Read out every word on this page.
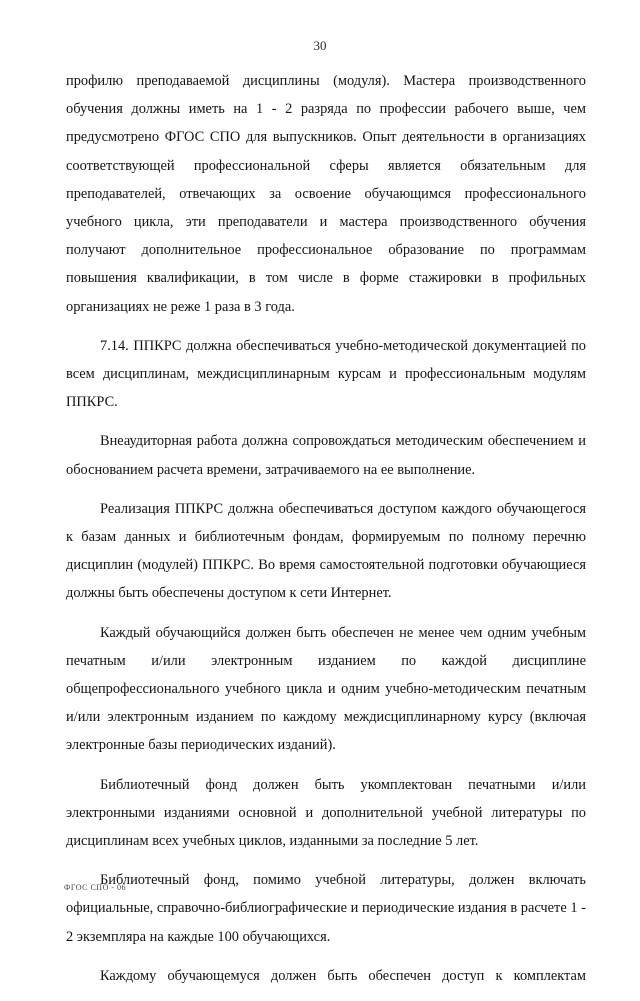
30

профилю преподаваемой дисциплины (модуля). Мастера производственного обучения должны иметь на 1 - 2 разряда по профессии рабочего выше, чем предусмотрено ФГОС СПО для выпускников. Опыт деятельности в организациях соответствующей профессиональной сферы является обязательным для преподавателей, отвечающих за освоение обучающимся профессионального учебного цикла, эти преподаватели и мастера производственного обучения получают дополнительное профессиональное образование по программам повышения квалификации, в том числе в форме стажировки в профильных организациях не реже 1 раза в 3 года.

7.14. ППКРС должна обеспечиваться учебно-методической документацией по всем дисциплинам, междисциплинарным курсам и профессиональным модулям ППКРС.

Внеаудиторная работа должна сопровождаться методическим обеспечением и обоснованием расчета времени, затрачиваемого на ее выполнение.

Реализация ППКРС должна обеспечиваться доступом каждого обучающегося к базам данных и библиотечным фондам, формируемым по полному перечню дисциплин (модулей) ППКРС. Во время самостоятельной подготовки обучающиеся должны быть обеспечены доступом к сети Интернет.

Каждый обучающийся должен быть обеспечен не менее чем одним учебным печатным и/или электронным изданием по каждой дисциплине общепрофессионального учебного цикла и одним учебно-методическим печатным и/или электронным изданием по каждому междисциплинарному курсу (включая электронные базы периодических изданий).

Библиотечный фонд должен быть укомплектован печатными и/или электронными изданиями основной и дополнительной учебной литературы по дисциплинам всех учебных циклов, изданными за последние 5 лет.

Библиотечный фонд, помимо учебной литературы, должен включать официальные, справочно-библиографические и периодические издания в расчете 1 - 2 экземпляра на каждые 100 обучающихся.

Каждому обучающемуся должен быть обеспечен доступ к комплектам

ФГОС СПО - 06
